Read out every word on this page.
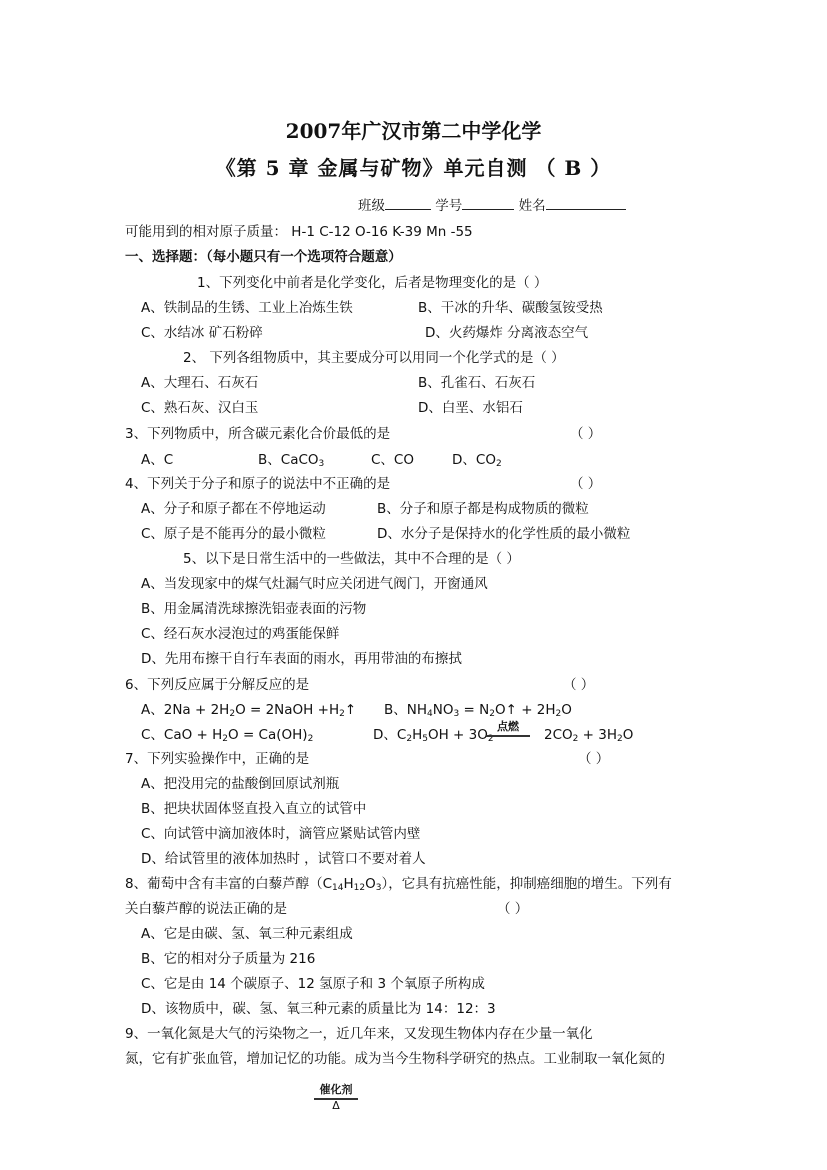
2007年广汉市第二中学化学
《第 5 章 金属与矿物》单元自测 （ B ）
班级	学号	姓名
可能用到的相对原子质量： H-1 C-12 O-16 K-39 Mn -55
一、选择题：（每小题只有一个选项符合题意）
1、下列变化中前者是化学变化，后者是物理变化的是（ ）
A、铁制品的生锈、工业上冶炼生铁	B、干冰的升华、碳酸氢铵受热
C、水结冰 矿石粉碎	D、火药爆炸 分离液态空气
2、 下列各组物质中，其主要成分可以用同一个化学式的是（ ）
A、大理石、石灰石	B、孔雀石、石灰石
C、熟石灰、汉白玉	D、白垩、水铝石
3、下列物质中，所含碳元素化合价最低的是	（ ）
A、C	B、CaCO$_3$	C、CO	D、$CO_2$
4、下列关于分子和原子的说法中不正确的是	（ ）
A、分子和原子都在不停地运动	B、分子和原子都是构成物质的微粒
C、原子是不能再分的最小微粒	D、水分子是保持水的化学性质的最小微粒
5、以下是日常生活中的一些做法，其中不合理的是（ ）
A、当发现家中的煤气灶漏气时应关闭进气阀门，开窗通风
B、用金属清洗球擦洗铝壶表面的污物
C、经石灰水浸泡过的鸡蛋能保鲜
D、先用布擦干自行车表面的雨水，再用带油的布擦拭
6、下列反应属于分解反应的是	（ ）
A、$2Na + 2H_2O$ = 2NaOH $+H_2↑$ B、$NH_4NO_3$ = $N_2O↑ + 2H_2O$
C、CaO + $H_2O = Ca(OH)_2$	D、$C_2H_5OH + 3O_2$
点燃
$2CO_2 + 3H_2O$
7、下列实验操作中，正确的是	（ ）
A、把没用完的盐酸倒回原试剂瓶
B、把块状固体竖直投入直立的试管中
C、向试管中滴加液体时，滴管应紧贴试管内壁
D、给试管里的液体加热时 ，试管口不要对着人
8、葡萄中含有丰富的白藜芦醇$(C_{14}H_{12}O_3)$，它具有抗癌性能，抑制癌细胞的增生。下列有
关白藜芦醇的说法正确的是	（ ）
A、它是由碳、氢、氧三种元素组成
B、它的相对分子质量为 216
C、它是由 14 个碳原子、12 氢原子和 3 个氧原子所构成
D、该物质中，碳、氢、氧三种元素的质量比为 14：12：3
9、一氧化氮是大气的污染物之一，近几年来，又发现生物体内存在少量一氧化
氮，它有扩张血管，增加记忆的功能。成为当今生物科学研究的热点。工业制取一氧化氮的
催化剂
Δ
